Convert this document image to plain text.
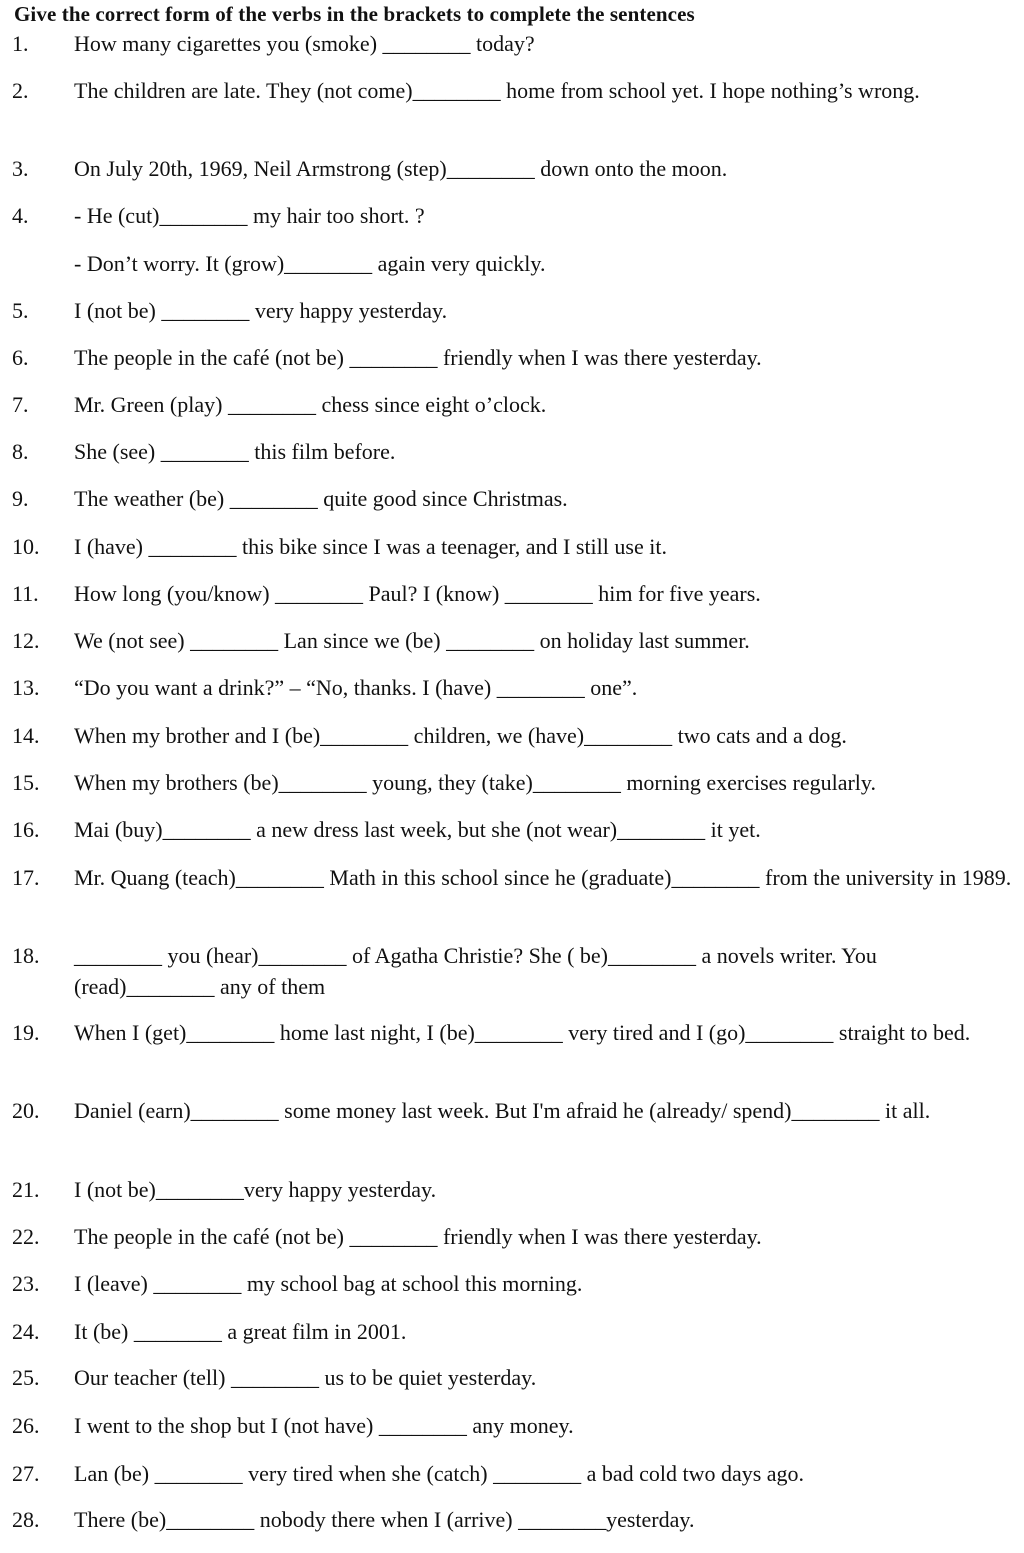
Give the correct form of the verbs in the brackets to complete the sentences
1. How many cigarettes you (smoke) ________ today?
2. The children are late. They (not come)________ home from school yet. I hope nothing’s wrong.
3. On July 20th, 1969, Neil Armstrong (step)________ down onto the moon.
4. - He (cut)________ my hair too short. ?
- Don’t worry. It (grow)________ again very quickly.
5. I (not be) ________ very happy yesterday.
6. The people in the café (not be) ________ friendly when I was there yesterday.
7. Mr. Green (play) ________ chess since eight o’clock.
8. She (see) ________ this film before.
9. The weather (be) ________ quite good since Christmas.
10. I (have) ________ this bike since I was a teenager, and I still use it.
11. How long (you/know) ________ Paul? I (know) ________ him for five years.
12. We (not see) ________ Lan since we (be) ________ on holiday last summer.
13. “Do you want a drink?” – “No, thanks. I (have) ________ one”.
14. When my brother and I (be)________ children, we (have)________ two cats and a dog.
15. When my brothers (be)________ young, they (take)________ morning exercises regularly.
16. Mai (buy)________ a new dress last week, but she (not wear)________ it yet.
17. Mr. Quang (teach)________ Math in this school since he (graduate)________ from the university in 1989.
18. ________ you (hear)________ of Agatha Christie? She ( be)________ a novels writer. You (read)________ any of them
19. When I (get)________ home last night, I (be)________ very tired and I (go)________ straight to bed.
20. Daniel (earn)________ some money last week. But I'm afraid he (already/ spend)________ it all.
21. I (not be)________very happy yesterday.
22. The people in the café (not be) ________ friendly when I was there yesterday.
23. I (leave) ________ my school bag at school this morning.
24. It (be) ________ a great film in 2001.
25. Our teacher (tell) ________ us to be quiet yesterday.
26. I went to the shop but I (not have) ________ any money.
27. Lan (be) ________ very tired when she (catch) ________ a bad cold two days ago.
28. There (be)________ nobody there when I (arrive) ________yesterday.
